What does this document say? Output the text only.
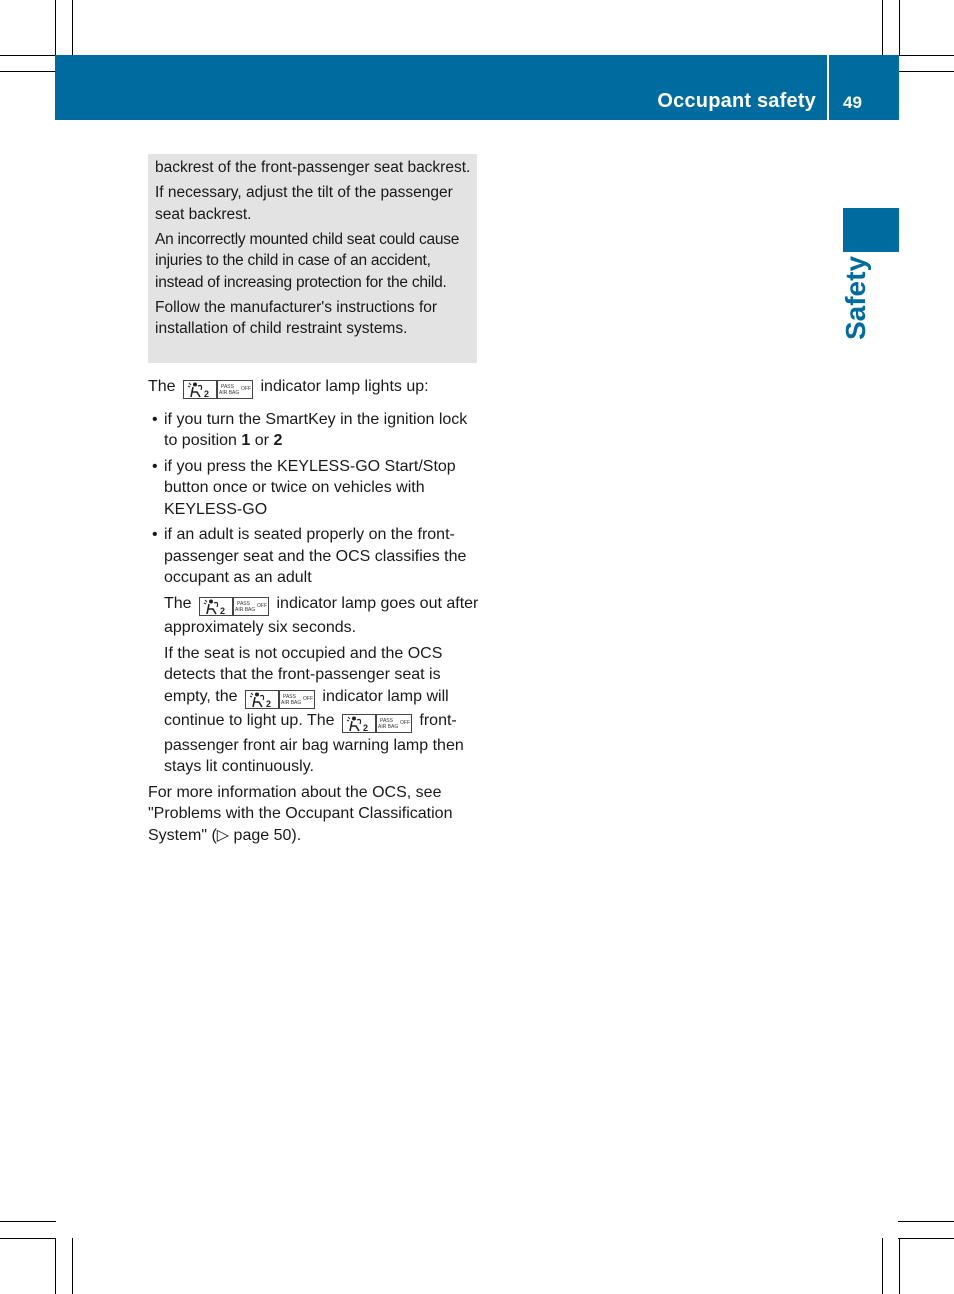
Occupant safety 49
Safety

backrest of the front-passenger seat backrest.

If necessary, adjust the tilt of the passenger seat backrest.

An incorrectly mounted child seat could cause injuries to the child in case of an accident, instead of increasing protection for the child.

Follow the manufacturer's instructions for installation of child restraint systems.

The	2
PASS
AIR BAG
OFF indicator lamp lights up:

• if you turn the SmartKey in the ignition lock to position 1 or 2
• if you press the KEYLESS-GO Start/Stop button once or twice on vehicles with KEYLESS-GO
• if an adult is seated properly on the front-passenger seat and the OCS classifies the occupant as an adult

The	2
PASS
AIR BAG
OFF indicator lamp goes out after approximately six seconds.

If the seat is not occupied and the OCS detects that the front-passenger seat is empty, the	2
PASS
AIR BAG
OFF indicator lamp will continue to light up. The	2
PASS
AIR BAG
OFF front-passenger front air bag warning lamp then stays lit continuously.

For more information about the OCS, see "Problems with the Occupant Classification System" (▷ page 50).
